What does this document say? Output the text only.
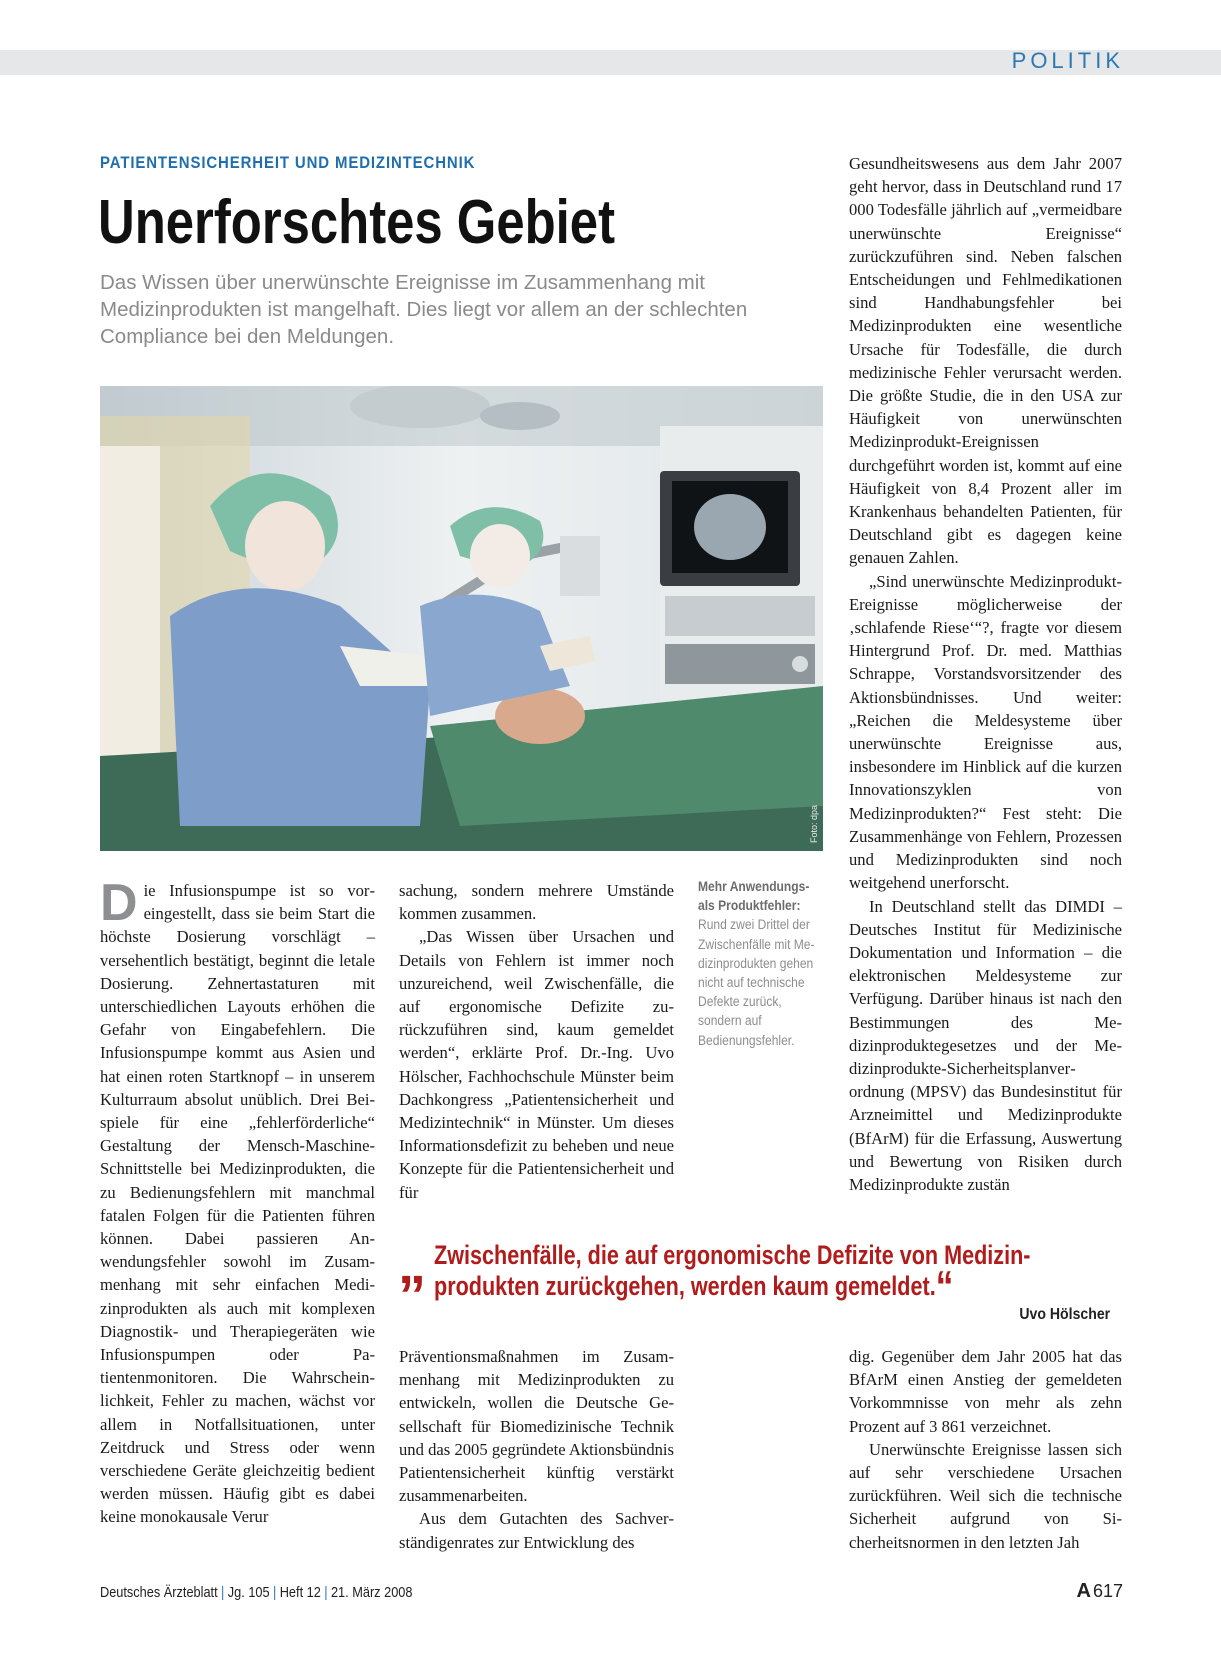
POLITIK
PATIENTENSICHERHEIT UND MEDIZINTECHNIK
Unerforschtes Gebiet
Das Wissen über unerwünschte Ereignisse im Zusammenhang mit Medizinprodukten ist mangelhaft. Dies liegt vor allem an der schlechten Compliance bei den Meldungen.
Foto: dpa

Die Infusionspumpe ist so voreingestellt, dass sie beim Start die höchste Dosierung vorschlägt – versehentlich bestätigt, beginnt die letale Dosierung. Zehnertastaturen mit unterschiedlichen Layouts erhöhen die Gefahr von Eingabefehlern. Die Infusionspumpe kommt aus Asien und hat einen roten Startknopf – in unserem Kulturraum absolut unüblich. Drei Beispiele für eine „fehlerförderliche“ Gestaltung der Mensch-Maschine-Schnittstelle bei Medizinprodukten, die zu Bedienungsfehlern mit manchmal fatalen Folgen für die Patienten führen können. Dabei passieren Anwendungsfehler sowohl im Zusammenhang mit sehr einfachen Medizinprodukten als auch mit komplexen Diagnostik- und Therapiegeräten wie Infusionspumpen oder Patientenmonitoren. Die Wahrscheinlichkeit, Fehler zu machen, wächst vor allem in Notfallsituationen, unter Zeitdruck und Stress oder wenn verschiedene Geräte gleichzeitig bedient werden müssen. Häufig gibt es dabei keine monokausale Verur

sachung, sondern mehrere Umstände kommen zusammen.

„Das Wissen über Ursachen und Details von Fehlern ist immer noch unzureichend, weil Zwischenfälle, die auf ergonomische Defizite zurückzuführen sind, kaum gemeldet werden“, erklärte Prof. Dr.-Ing. Uvo Hölscher, Fachhochschule Münster beim Dachkongress „Patientensicherheit und Medizintechnik“ in Münster. Um dieses Informationsdefizit zu beheben und neue Konzepte für die Patientensicherheit und für

Mehr Anwendungs- als Produktfehler: Rund zwei Drittel der Zwischenfälle mit Medizinprodukten gehen nicht auf technische Defekte zurück, sondern auf Bedienungsfehler.

Gesundheitswesens aus dem Jahr 2007 geht hervor, dass in Deutschland rund 17 000 Todesfälle jährlich auf „vermeidbare unerwünschte Ereignisse“ zurückzuführen sind. Neben falschen Entscheidungen und Fehlmedikationen sind Handhabungsfehler bei Medizinprodukten eine wesentliche Ursache für Todesfälle, die durch medizinische Fehler verursacht werden. Die größte Studie, die in den USA zur Häufigkeit von unerwünschten Medizinprodukt-Ereignissen durchgeführt worden ist, kommt auf eine Häufigkeit von 8,4 Prozent aller im Krankenhaus behandelten Patienten, für Deutschland gibt es dagegen keine genauen Zahlen.

„Sind unerwünschte Medizinprodukt-Ereignisse möglicherweise der ‚schlafende Riese‘“?, fragte vor diesem Hintergrund Prof. Dr. med. Matthias Schrappe, Vorstandsvorsitzender des Aktionsbündnisses. Und weiter: „Reichen die Meldesysteme über unerwünschte Ereignisse aus, insbesondere im Hinblick auf die kurzen Innovationszyklen von Medizinprodukten?“ Fest steht: Die Zusammenhänge von Fehlern, Prozessen und Medizinprodukten sind noch weitgehend unerforscht.

In Deutschland stellt das DIMDI – Deutsches Institut für Medizinische Dokumentation und Information – die elektronischen Meldesysteme zur Verfügung. Darüber hinaus ist nach den Bestimmungen des Medizinproduktegesetzes und der Medizinprodukte-Sicherheitsplanverordnung (MPSV) das Bundesinstitut für Arzneimittel und Medizinprodukte (BfArM) für die Erfassung, Auswertung und Bewertung von Risiken durch Medizinprodukte zustän

„ Zwischenfälle, die auf ergonomische Defizite von Medizin-produkten zurückgehen, werden kaum gemeldet.“
Uvo Hölscher

Präventionsmaßnahmen im Zusammenhang mit Medizinprodukten zu entwickeln, wollen die Deutsche Gesellschaft für Biomedizinische Technik und das 2005 gegründete Aktionsbündnis Patientensicherheit künftig verstärkt zusammenarbeiten.

Aus dem Gutachten des Sachverständigenrates zur Entwicklung des

dig. Gegenüber dem Jahr 2005 hat das BfArM einen Anstieg der gemeldeten Vorkommnisse von mehr als zehn Prozent auf 3 861 verzeichnet.

Unerwünschte Ereignisse lassen sich auf sehr verschiedene Ursachen zurückführen. Weil sich die technische Sicherheit aufgrund von Sicherheitsnormen in den letzten Jah

Deutsches Ärzteblatt | Jg. 105 | Heft 12 | 21. März 2008	A 617
